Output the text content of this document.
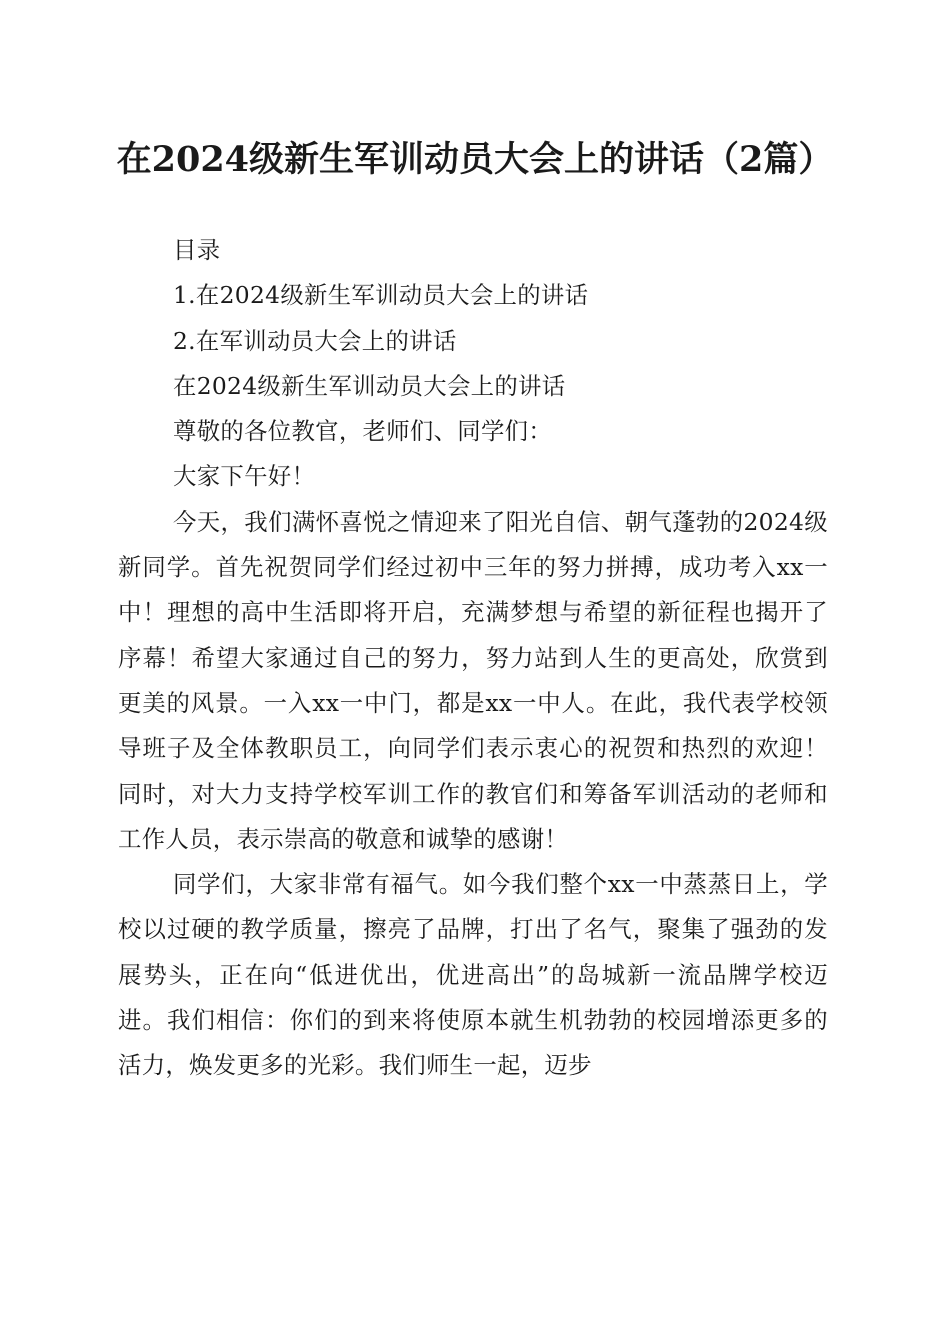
在2024级新生军训动员大会上的讲话（2篇）

目录

1.在2024级新生军训动员大会上的讲话

2.在军训动员大会上的讲话

在2024级新生军训动员大会上的讲话

尊敬的各位教官，老师们、同学们：

大家下午好！

今天，我们满怀喜悦之情迎来了阳光自信、朝气蓬勃的2024级新同学。首先祝贺同学们经过初中三年的努力拼搏，成功考入xx一中！理想的高中生活即将开启，充满梦想与希望的新征程也揭开了序幕！希望大家通过自己的努力，努力站到人生的更高处，欣赏到更美的风景。一入xx一中门，都是xx一中人。在此，我代表学校领导班子及全体教职员工，向同学们表示衷心的祝贺和热烈的欢迎！同时，对大力支持学校军训工作的教官们和筹备军训活动的老师和工作人员，表示崇高的敬意和诚挚的感谢！

同学们，大家非常有福气。如今我们整个xx一中蒸蒸日上，学校以过硬的教学质量，擦亮了品牌，打出了名气，聚集了强劲的发展势头，正在向“低进优出，优进高出”的岛城新一流品牌学校迈进。我们相信：你们的到来将使原本就生机勃勃的校园增添更多的活力，焕发更多的光彩。我们师生一起，迈步
